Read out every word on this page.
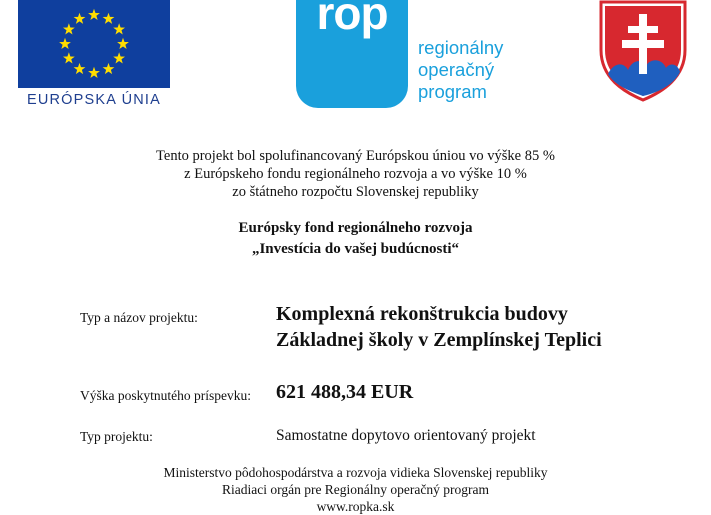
EURÓPSKA ÚNIA
rop
regionálny
operačný
program
Tento projekt bol spolufinancovaný Európskou úniou vo výške 85 %
z Európskeho fondu regionálneho rozvoja a vo výške 10 %
zo štátneho rozpočtu Slovenskej republiky
Európsky fond regionálneho rozvoja
„Investícia do vašej budúcnosti“
Typ a názov projektu:	Komplexná rekonštrukcia budovy
Základnej školy v Zemplínskej Teplici
Výška poskytnutého príspevku: 621 488,34 EUR
Typ projektu:	Samostatne dopytovo orientovaný projekt
Ministerstvo pôdohospodárstva a rozvoja vidieka Slovenskej republiky
Riadiaci orgán pre Regionálny operačný program
www.ropka.sk
